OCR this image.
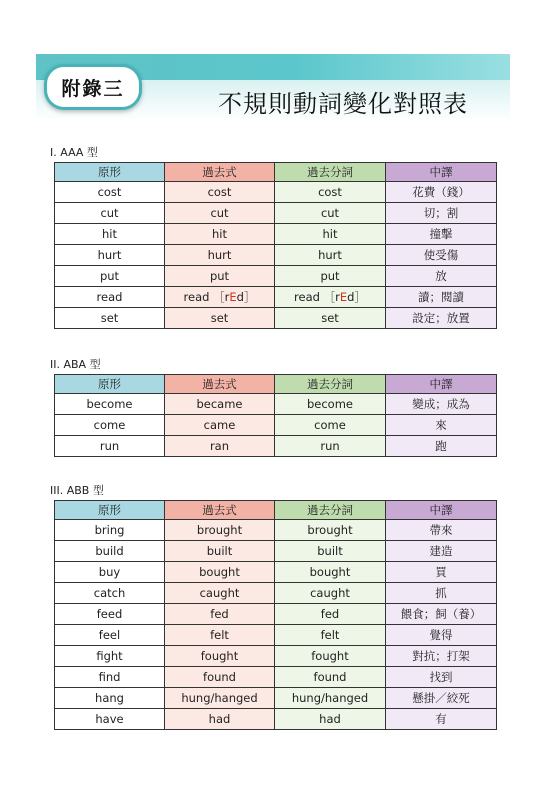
附錄三
不規則動詞變化對照表
I. AAA 型
原形	過去式	過去分詞	中譯
cost	cost	cost	花費（錢）
cut	cut	cut	切；割
hit	hit	hit	撞擊
hurt	hurt	hurt	使受傷
put	put	put	放
read	read ［rEd］	read ［rEd］	讀；閱讀
set	set	set	設定；放置
II. ABA 型
原形	過去式	過去分詞	中譯
become	became	become	變成；成為
come	came	come	來
run	ran	run	跑
III. ABB 型
原形	過去式	過去分詞	中譯
bring	brought	brought	帶來
build	built	built	建造
buy	bought	bought	買
catch	caught	caught	抓
feed	fed	fed	餵食；飼（養）
feel	felt	felt	覺得
fight	fought	fought	對抗；打架
find	found	found	找到
hang	hung/hanged	hung/hanged	懸掛／絞死
have	had	had	有
